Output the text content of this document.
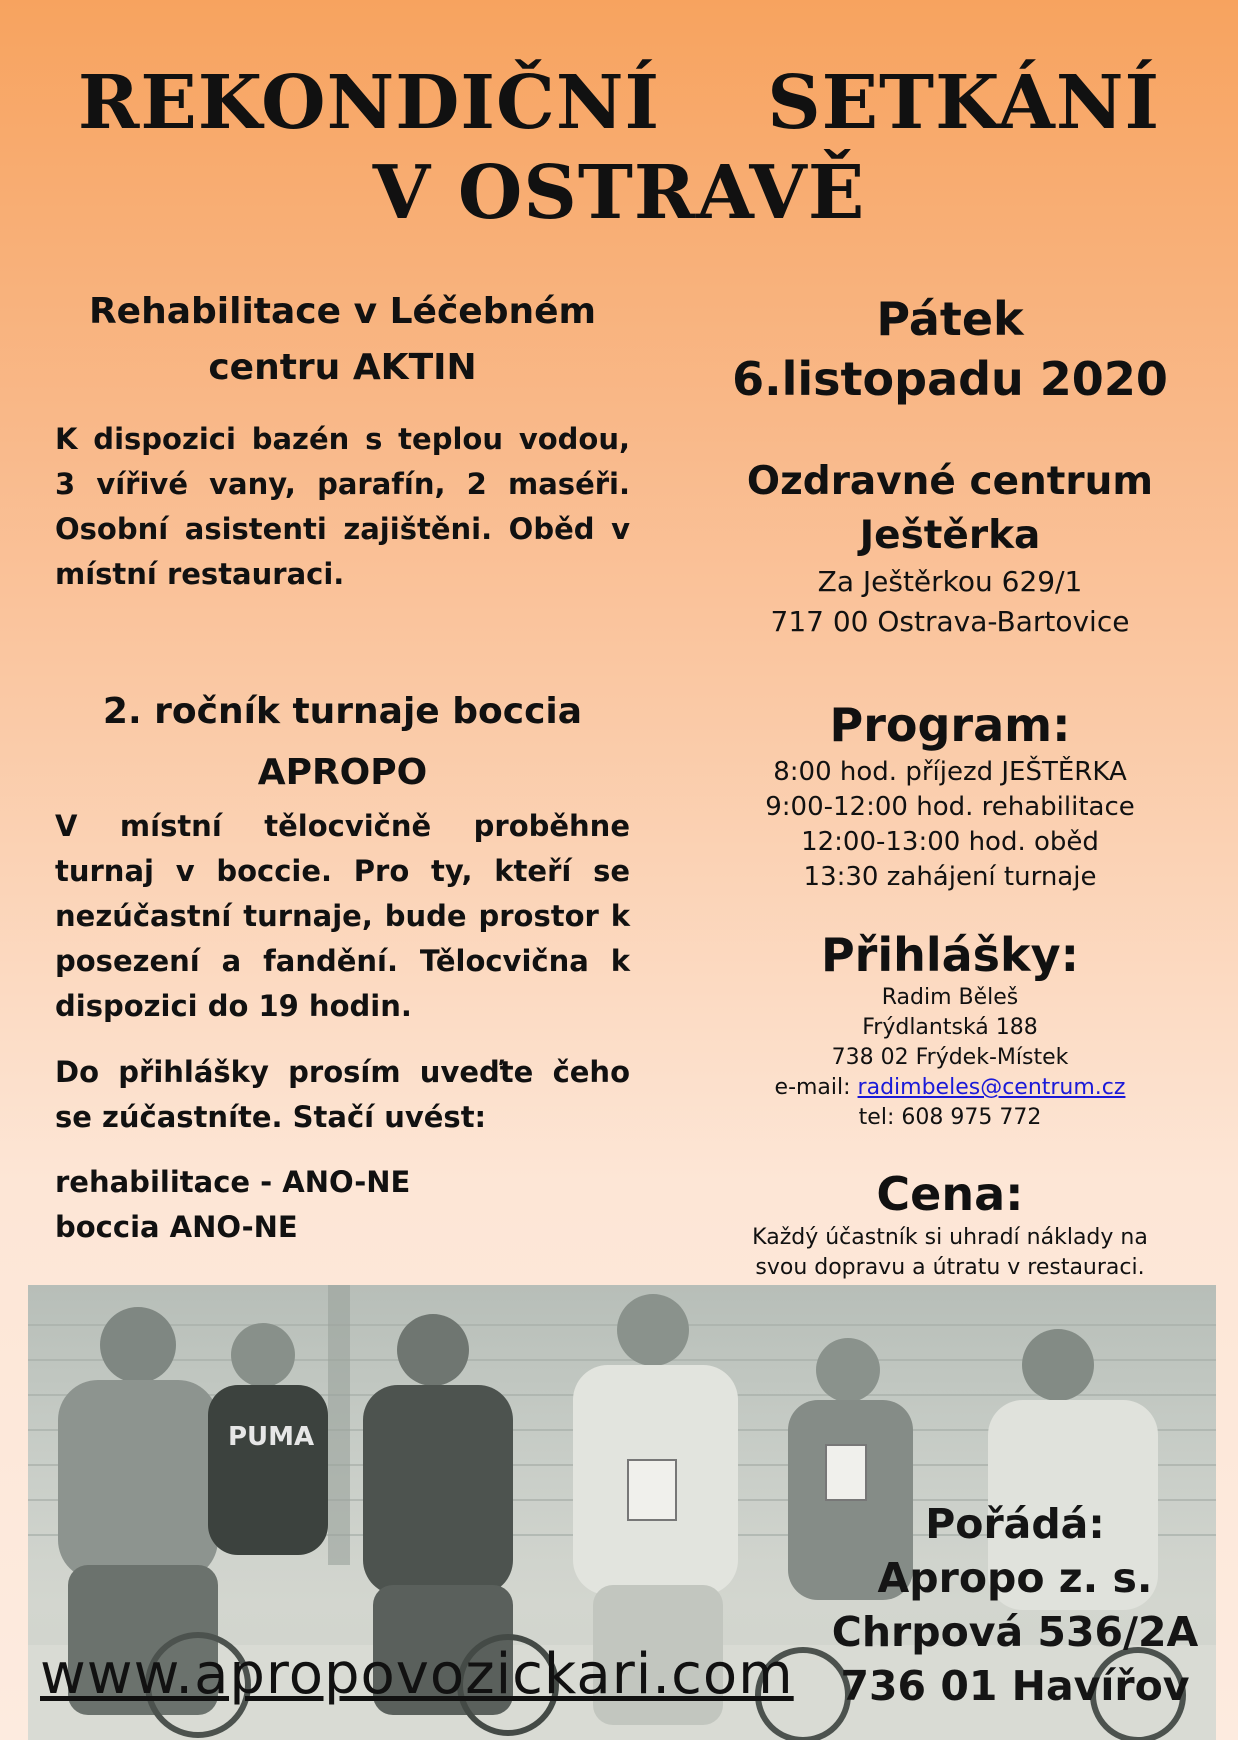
REKONDIČNÍ    SETKÁNÍ
V OSTRAVĚ
Rehabilitace v Léčebném
centru AKTIN
K dispozici bazén s teplou vodou, 3 vířivé vany, parafín, 2 maséři. Osobní asistenti zajištěni. Oběd v místní restauraci.
2. ročník turnaje boccia
APROPO
V místní tělocvičně proběhne turnaj v boccie. Pro ty, kteří se nezúčastní turnaje, bude prostor k posezení a fandění. Tělocvična k dispozici do 19 hodin.
Do přihlášky prosím uveďte čeho se zúčastníte. Stačí uvést:
rehabilitace - ANO-NE
boccia ANO-NE
Pátek
6.listopadu 2020
Ozdravné centrum
Ještěrka
Za Ještěrkou 629/1
717 00 Ostrava-Bartovice
Program:
8:00 hod. příjezd JEŠTĚRKA
9:00-12:00 hod. rehabilitace
12:00-13:00 hod. oběd
13:30 zahájení turnaje
Přihlášky:
Radim Běleš
Frýdlantská 188
738 02 Frýdek-Místek
e-mail: radimbeles@centrum.cz
tel: 608 975 772
Cena:
Každý účastník si uhradí náklady na
svou dopravu a útratu v restauraci.
PUMA
Pořádá:
Apropo z. s.
Chrpová 536/2A
736 01 Havířov
www.apropovozickari.com
